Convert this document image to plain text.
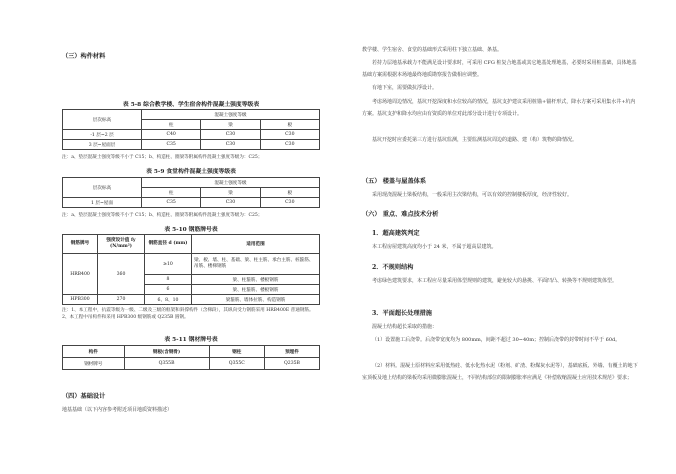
（三）构件材料
表 5-8 综合教学楼、学生宿舍构件混凝土强度等级表
层次标高	混凝土强度等级		
	柱	梁	板
-1 层~2 层	C40	C30	C30
3 层~屋面层	C35	C30	C30
注：a、垫层混凝土强度等级不小于 C15；b、构造柱、圈梁等附属构件混凝土强度等级为：C25；
表 5-9 食堂构件混凝土强度等级表
层次标高	混凝土强度等级		
	柱	梁	板
1 层~屋面	C35	C30	C30
注：a、垫层混凝土强度等级不小于 C15；b、构造柱、圈梁等附属构件混凝土强度等级为：C25；
表 5-10 钢筋牌号表
钢筋牌号	强度设计值 fy (N/mm²)	钢筋直径 d (mm)	适用范围
HRB400	360	≥10	梁、板、墙、柱、基础、梁、柱主筋、承台主筋、桩箍筋、吊筋、楼梯钢筋
		8	梁、柱箍筋、楼板钢筋
		6	梁、柱箍筋、楼板钢筋
HPB300	270	6、8、10	梁箍筋、墙体拉筋、构造钢筋
注：1、本工程中，抗震等级为一级、二级及三级的框架和斜撑构件（含梯段），其纵向受力钢筋采用 HRB400E 普通钢筋。2、本工程中吊构件和采用 HPB300 级钢筋或 Q235B 圆钢。
表 5-11 钢材牌号表
构件	钢板(含钢骨)	钢柱	预埋件
钢材牌号	Q355B	Q355C	Q235B
（四）基础设计
地基基础（以下内容参考附近项目地质资料描述）
教学楼、学生宿舍、食堂的基础形式采用柱下独立基础、条基。
若持力层地基承载力不能满足设计要求时，可采用 CFG 桩复合地基或其它地基处理地基，必要时采用桩基础，具体地基基础方案需根据本场地最终地质勘察报告做相应调整。
有地下室，需要做抗浮设计。
考虑场地周边情况，基坑开挖深度和水位较高的情况，基坑支护建议采用桩锚+锚杆形式，降水方案可采用集水井+坑内方案。基坑支护和降水均应由有资质的单位对此部分设计进行专项设计。
基坑开挖时应委托第三方进行基坑监测，主要监测基坑周边的道路、建（构）筑物的降情况。
（五） 楼盖与屋盖体系
采用现浇混凝土梁板结构，一般采用主次梁结构，可以有效的控制楼板厚度，经济性较好。
（六） 重点、难点技术分析
1．超高建筑判定
本工程房屋建筑高度均小于 24 米，不属于超高层建筑。
2．不规则结构
考虑绿色建筑要求，本工程应尽量采用体型规则的建筑，避免较大的悬挑、平面凹凸、转换等不规则建筑体型。
3．平面超长处理措施
混凝土结构超长采取的措施：
（1）设置施工后浇带。后浇带宽度均为 800mm，间距不超过 30~40m；控制后浇带的封带时间不早于 60d。
（2）材料。混凝土原材料应采用低热硅、低水化热水泥（粉剂、矿渣、粉煤灰水泥等），基础底板、外墙、有覆土的地下室顶板及地上结构的梁板均采用微膨胀混凝土，不同结构部位的限制膨胀率应满足《补偿收缩混凝土应用技术规范》要求；
